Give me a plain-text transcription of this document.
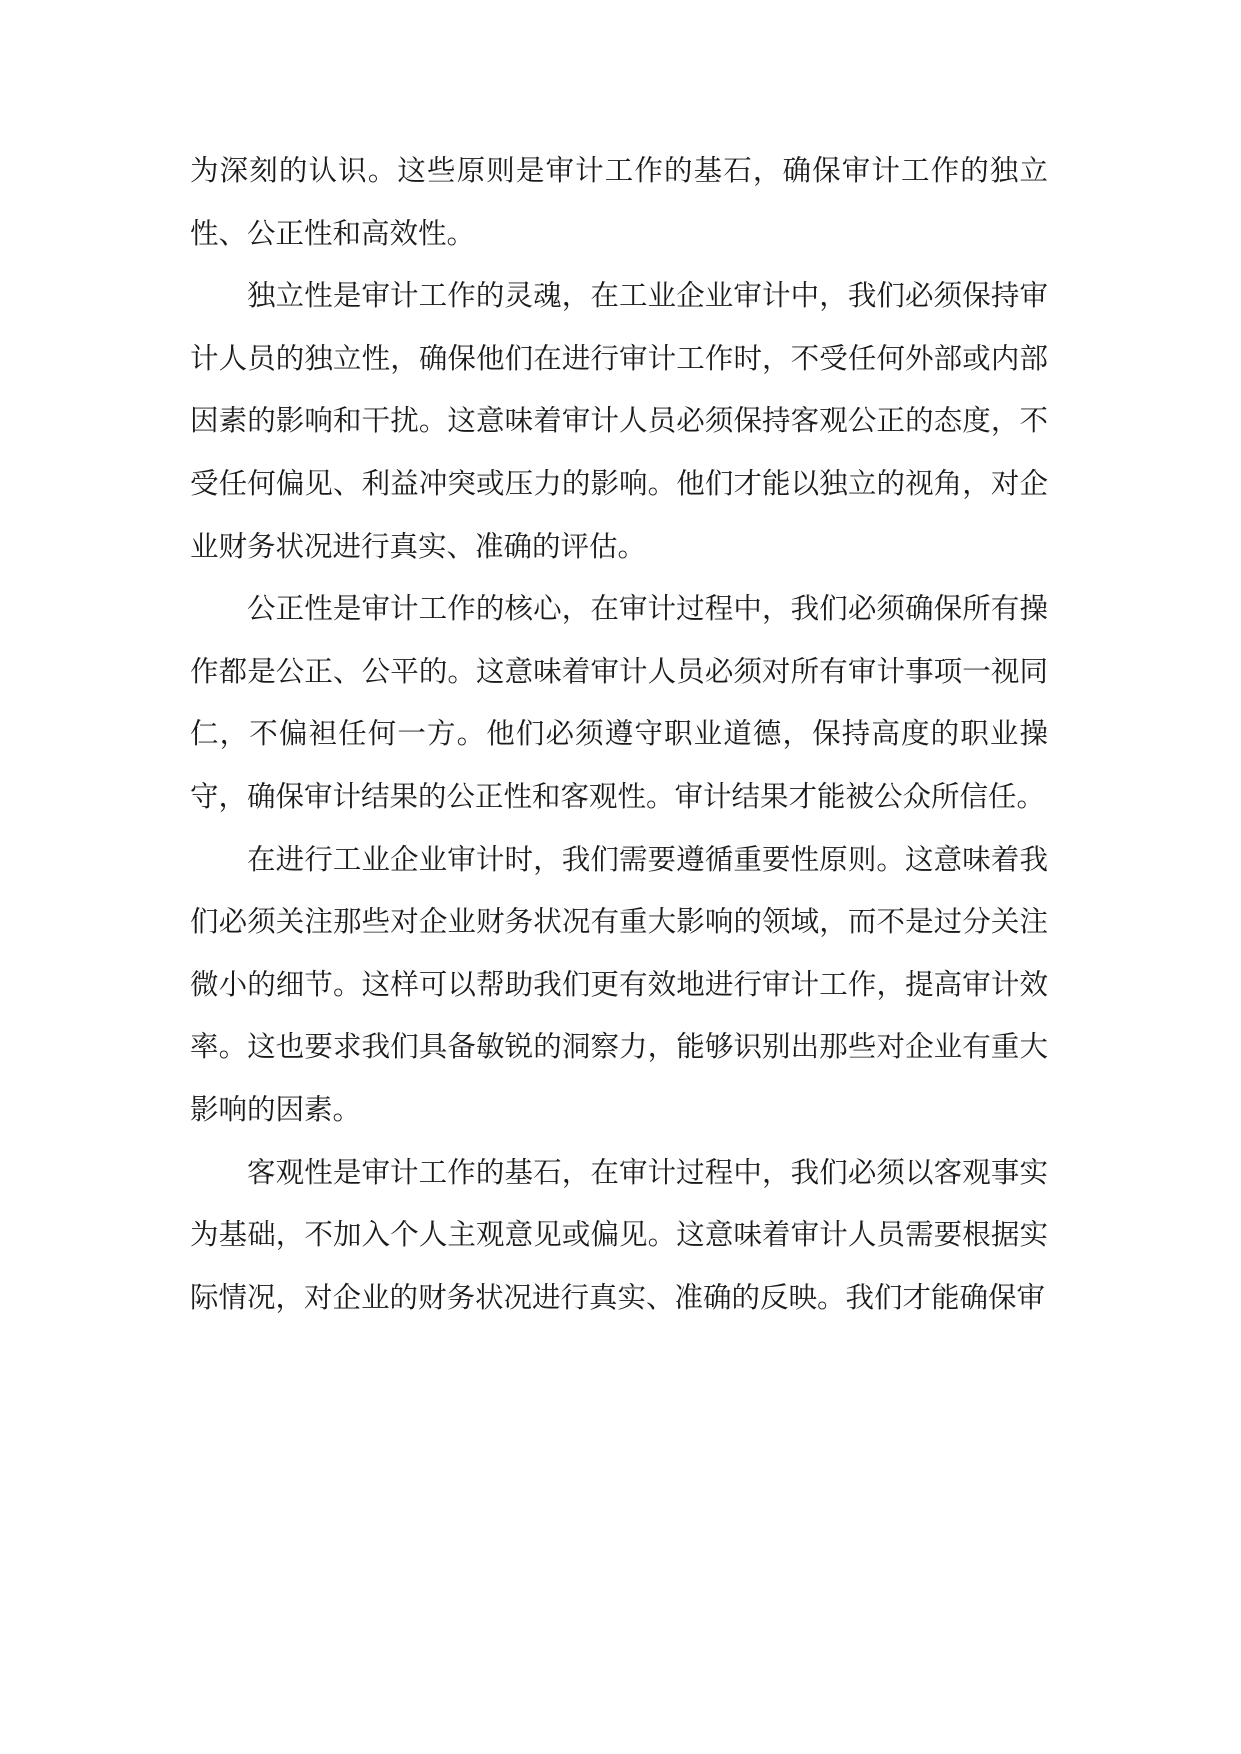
为深刻的认识。这些原则是审计工作的基石，确保审计工作的独立性、公正性和高效性。

独立性是审计工作的灵魂，在工业企业审计中，我们必须保持审计人员的独立性，确保他们在进行审计工作时，不受任何外部或内部因素的影响和干扰。这意味着审计人员必须保持客观公正的态度，不受任何偏见、利益冲突或压力的影响。他们才能以独立的视角，对企业财务状况进行真实、准确的评估。

公正性是审计工作的核心，在审计过程中，我们必须确保所有操作都是公正、公平的。这意味着审计人员必须对所有审计事项一视同仁，不偏袒任何一方。他们必须遵守职业道德，保持高度的职业操守，确保审计结果的公正性和客观性。审计结果才能被公众所信任。

在进行工业企业审计时，我们需要遵循重要性原则。这意味着我们必须关注那些对企业财务状况有重大影响的领域，而不是过分关注微小的细节。这样可以帮助我们更有效地进行审计工作，提高审计效率。这也要求我们具备敏锐的洞察力，能够识别出那些对企业有重大影响的因素。

客观性是审计工作的基石，在审计过程中，我们必须以客观事实为基础，不加入个人主观意见或偏见。这意味着审计人员需要根据实际情况，对企业的财务状况进行真实、准确的反映。我们才能确保审
